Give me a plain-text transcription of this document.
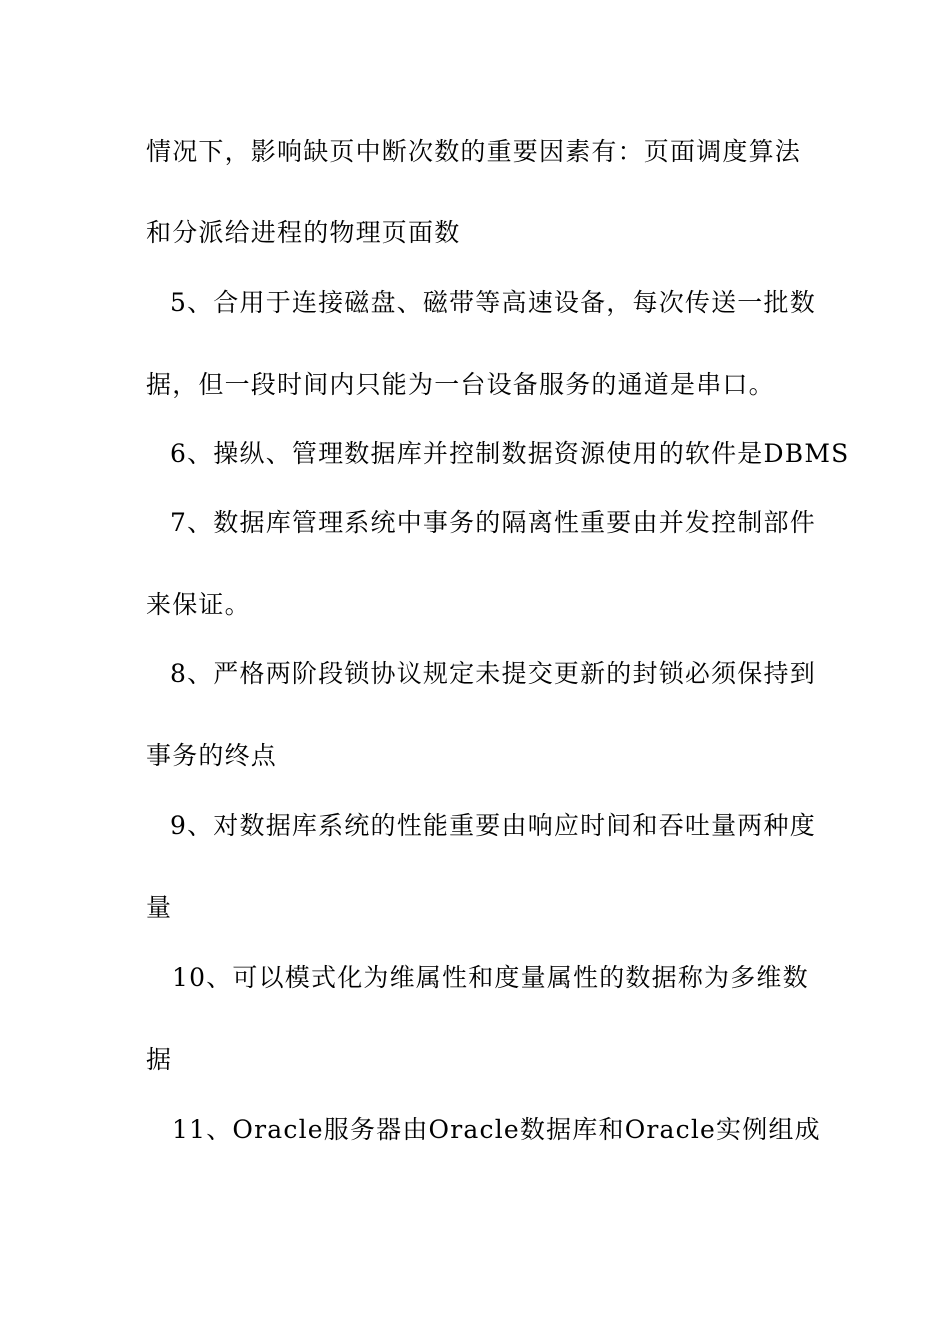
情况下，影响缺页中断次数的重要因素有：页面调度算法
和分派给进程的物理页面数
5、合用于连接磁盘、磁带等高速设备，每次传送一批数
据，但一段时间内只能为一台设备服务的通道是串口。
6、操纵、管理数据库并控制数据资源使用的软件是DBMS
7、数据库管理系统中事务的隔离性重要由并发控制部件
来保证。
8、严格两阶段锁协议规定未提交更新的封锁必须保持到
事务的终点
9、对数据库系统的性能重要由响应时间和吞吐量两种度
量
10、可以模式化为维属性和度量属性的数据称为多维数
据
11、Oracle服务器由Oracle数据库和Oracle实例组成
